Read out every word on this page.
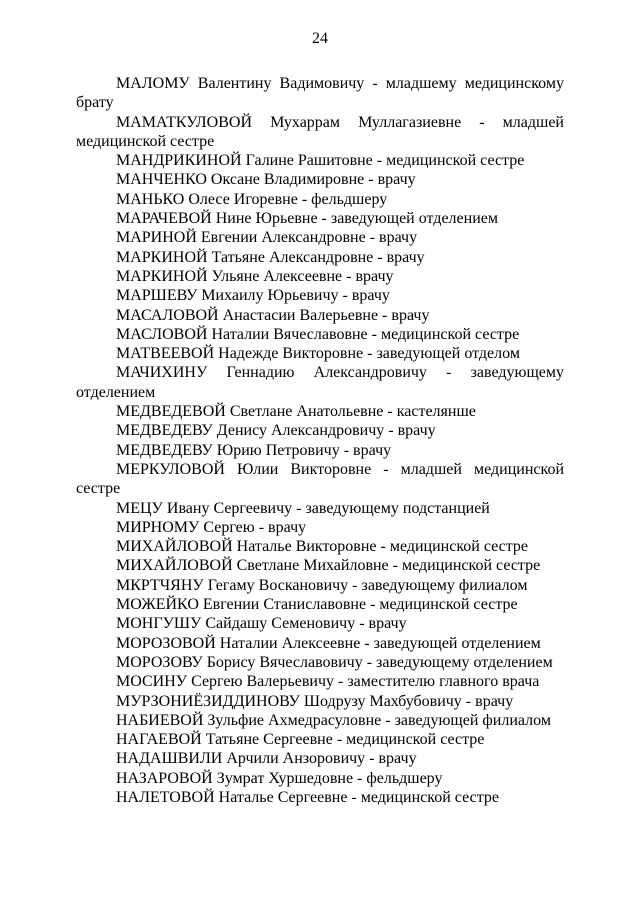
24

МАЛОМУ Валентину Вадимовичу - младшему медицинскому брату

МАМАТКУЛОВОЙ Мухаррам Муллагазиевне - младшей медицинской сестре

МАНДРИКИНОЙ Галине Рашитовне - медицинской сестре

МАНЧЕНКО Оксане Владимировне - врачу

МАНЬКО Олесе Игоревне - фельдшеру

МАРАЧЕВОЙ Нине Юрьевне - заведующей отделением

МАРИНОЙ Евгении Александровне - врачу

МАРКИНОЙ Татьяне Александровне - врачу

МАРКИНОЙ Ульяне Алексеевне - врачу

МАРШЕВУ Михаилу Юрьевичу - врачу

МАСАЛОВОЙ Анастасии Валерьевне - врачу

МАСЛОВОЙ Наталии Вячеславовне - медицинской сестре

МАТВЕЕВОЙ Надежде Викторовне - заведующей отделом

МАЧИХИНУ Геннадию Александровичу - заведующему отделением

МЕДВЕДЕВОЙ Светлане Анатольевне - кастелянше

МЕДВЕДЕВУ Денису Александровичу - врачу

МЕДВЕДЕВУ Юрию Петровичу - врачу

МЕРКУЛОВОЙ Юлии Викторовне - младшей медицинской сестре

МЕЦУ Ивану Сергеевичу - заведующему подстанцией

МИРНОМУ Сергею - врачу

МИХАЙЛОВОЙ Наталье Викторовне - медицинской сестре

МИХАЙЛОВОЙ Светлане Михайловне - медицинской сестре

МКРТЧЯНУ Гегаму Воскановичу - заведующему филиалом

МОЖЕЙКО Евгении Станиславовне - медицинской сестре

МОНГУШУ Сайдашу Семеновичу - врачу

МОРОЗОВОЙ Наталии Алексеевне - заведующей отделением

МОРОЗОВУ Борису Вячеславовичу - заведующему отделением

МОСИНУ Сергею Валерьевичу - заместителю главного врача

МУРЗОНИЁЗИДДИНОВУ Шодрузу Махбубовичу - врачу

НАБИЕВОЙ Зульфие Ахмедрасуловне - заведующей филиалом

НАГАЕВОЙ Татьяне Сергеевне - медицинской сестре

НАДАШВИЛИ Арчили Анзоровичу - врачу

НАЗАРОВОЙ Зумрат Хуршедовне - фельдшеру

НАЛЕТОВОЙ Наталье Сергеевне - медицинской сестре
